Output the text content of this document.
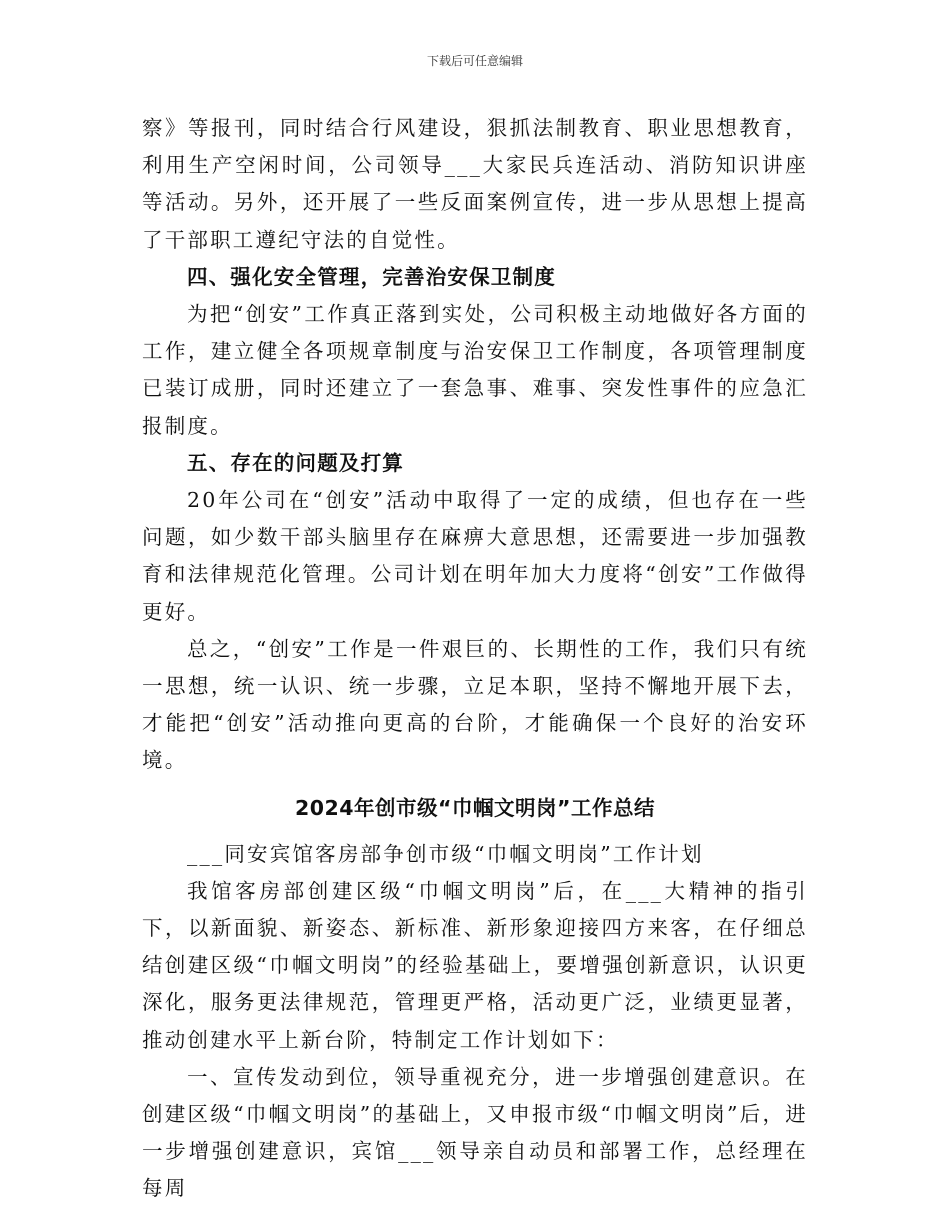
下载后可任意编辑

察》等报刊，同时结合行风建设，狠抓法制教育、职业思想教育，利用生产空闲时间，公司领导___大家民兵连活动、消防知识讲座等活动。另外，还开展了一些反面案例宣传，进一步从思想上提高了干部职工遵纪守法的自觉性。

四、强化安全管理，完善治安保卫制度

为把“创安”工作真正落到实处，公司积极主动地做好各方面的工作，建立健全各项规章制度与治安保卫工作制度，各项管理制度已装订成册，同时还建立了一套急事、难事、突发性事件的应急汇报制度。

五、存在的问题及打算

20年公司在“创安”活动中取得了一定的成绩，但也存在一些问题，如少数干部头脑里存在麻痹大意思想，还需要进一步加强教育和法律规范化管理。公司计划在明年加大力度将“创安”工作做得更好。

总之，“创安”工作是一件艰巨的、长期性的工作，我们只有统一思想，统一认识、统一步骤，立足本职，坚持不懈地开展下去，才能把“创安”活动推向更高的台阶，才能确保一个良好的治安环境。

2024年创市级“巾帼文明岗”工作总结

___同安宾馆客房部争创市级“巾帼文明岗”工作计划

我馆客房部创建区级“巾帼文明岗”后，在___大精神的指引下，以新面貌、新姿态、新标准、新形象迎接四方来客，在仔细总结创建区级“巾帼文明岗”的经验基础上，要增强创新意识，认识更深化，服务更法律规范，管理更严格，活动更广泛，业绩更显著，推动创建水平上新台阶，特制定工作计划如下：

一、宣传发动到位，领导重视充分，进一步增强创建意识。在创建区级“巾帼文明岗”的基础上，又申报市级“巾帼文明岗”后，进一步增强创建意识，宾馆___领导亲自动员和部署工作，总经理在每周
